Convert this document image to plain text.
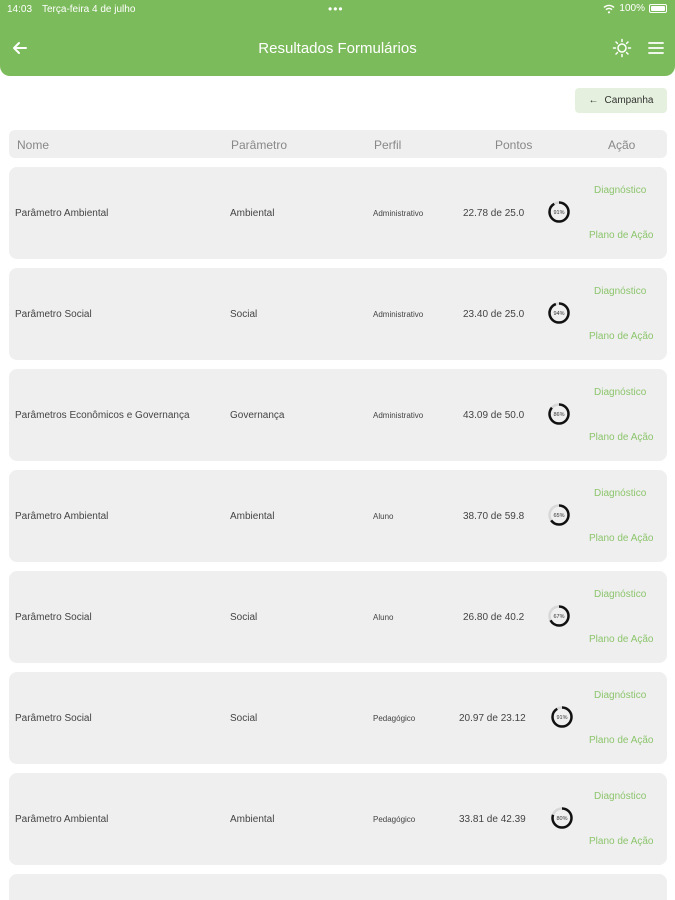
14:03 Terça-feira 4 de julho	•••	100%
Resultados Formulários
← Campanha
Nome	Parâmetro	Perfil	Pontos	Ação
Parâmetro Ambiental	Ambiental	Administrativo	22.78 de 25.0	91%
Diagnóstico
Plano de Ação
Parâmetro Social	Social	Administrativo	23.40 de 25.0	94%
Diagnóstico
Plano de Ação
Parâmetros Econômicos e Governança	Governança	Administrativo	43.09 de 50.0	86%
Diagnóstico
Plano de Ação
Parâmetro Ambiental	Ambiental	Aluno	38.70 de 59.8	65%
Diagnóstico
Plano de Ação
Parâmetro Social	Social	Aluno	26.80 de 40.2	67%
Diagnóstico
Plano de Ação
Parâmetro Social	Social	Pedagógico	20.97 de 23.12	91%
Diagnóstico
Plano de Ação
Parâmetro Ambiental	Ambiental	Pedagógico	33.81 de 42.39	80%
Diagnóstico
Plano de Ação
